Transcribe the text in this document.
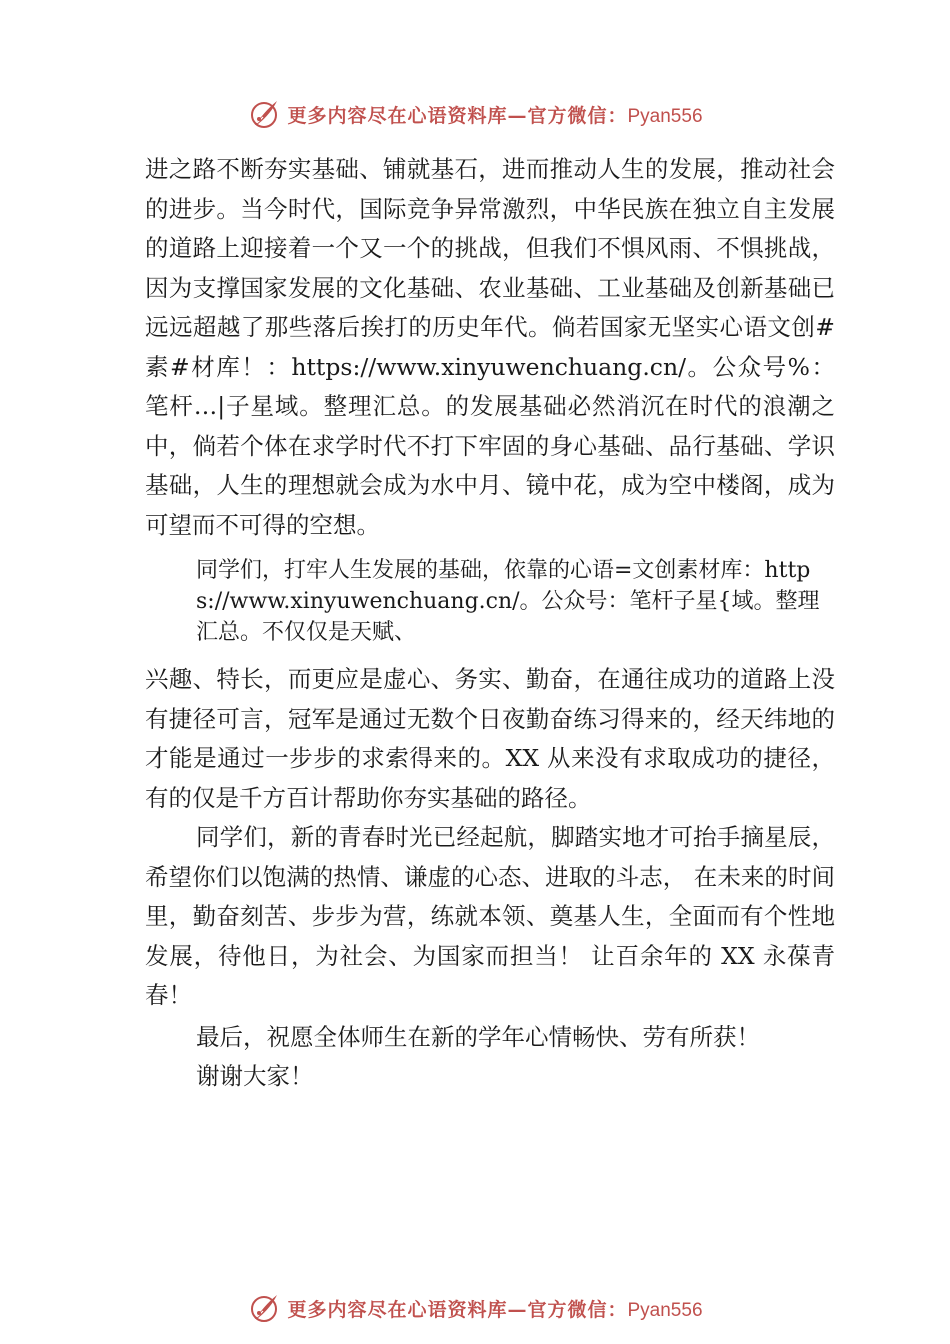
更多内容尽在心语资料库—官方微信：Pyan556

进之路不断夯实基础、铺就基石，进而推动人生的发展，推动社会的进步。当今时代，国际竞争异常激烈，中华民族在独立自主发展的道路上迎接着一个又一个的挑战，但我们不惧风雨、不惧挑战，因为支撑国家发展的文化基础、农业基础、工业基础及创新基础已远远超越了那些落后挨打的历史年代。倘若国家无坚实心语文创#素#材库！：https://www.xinyuwenchuang.cn/。公众号%：笔杆…|子星域。整理汇总。的发展基础必然消沉在时代的浪潮之中，倘若个体在求学时代不打下牢固的身心基础、品行基础、学识基础，人生的理想就会成为水中月、镜中花，成为空中楼阁，成为可望而不可得的空想。

同学们，打牢人生发展的基础，依靠的心语=文创素材库：https://www.xinyuwenchuang.cn/。公众号：笔杆子星{域。整理汇总。不仅仅是天赋、

兴趣、特长，而更应是虚心、务实、勤奋，在通往成功的道路上没有捷径可言，冠军是通过无数个日夜勤奋练习得来的，经天纬地的才能是通过一步步的求索得来的。XX 从来没有求取成功的捷径，有的仅是千方百计帮助你夯实基础的路径。

同学们，新的青春时光已经起航，脚踏实地才可抬手摘星辰，希望你们以饱满的热情、谦虚的心态、进取的斗志， 在未来的时间里，勤奋刻苦、步步为营，练就本领、奠基人生，全面而有个性地发展，待他日，为社会、为国家而担当！ 让百余年的 XX 永葆青春！

最后，祝愿全体师生在新的学年心情畅快、劳有所获！

谢谢大家！

更多内容尽在心语资料库—官方微信：Pyan556
